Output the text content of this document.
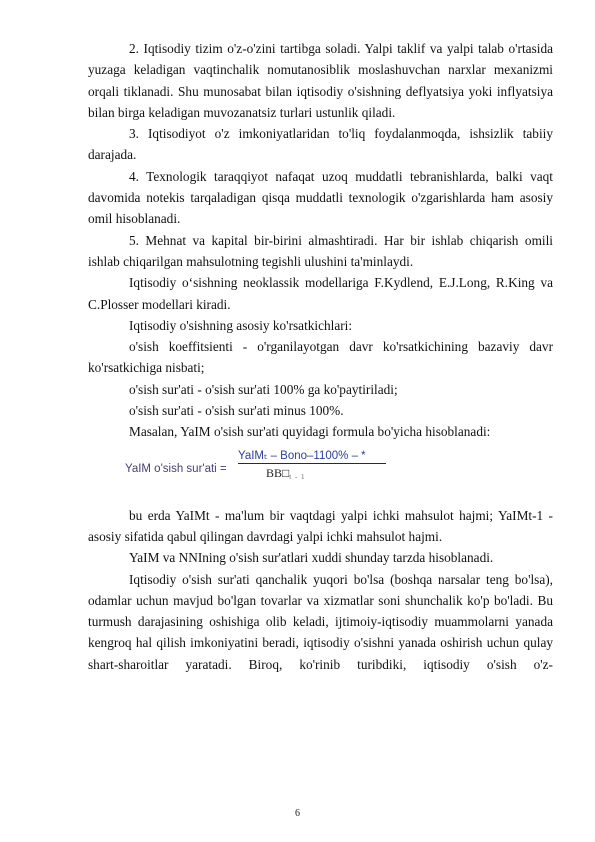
2. Iqtisodiy tizim o'z-o'zini tartibga soladi. Yalpi taklif va yalpi talab o'rtasida yuzaga keladigan vaqtinchalik nomutanosiblik moslashuvchan narxlar mexanizmi orqali tiklanadi. Shu munosabat bilan iqtisodiy o'sishning deflyatsiya yoki inflyatsiya bilan birga keladigan muvozanatsiz turlari ustunlik qiladi.

3. Iqtisodiyot o'z imkoniyatlaridan to'liq foydalanmoqda, ishsizlik tabiiy darajada.

4. Texnologik taraqqiyot nafaqat uzoq muddatli tebranishlarda, balki vaqt davomida notekis tarqaladigan qisqa muddatli texnologik o'zgarishlarda ham asosiy omil hisoblanadi.

5. Mehnat va kapital bir-birini almashtiradi. Har bir ishlab chiqarish omili ishlab chiqarilgan mahsulotning tegishli ulushini ta'minlaydi.

Iqtisodiy o‘sishning neoklassik modellariga F.Kydlend, E.J.Long, R.King va C.Plosser modellari kiradi.

Iqtisodiy o'sishning asosiy ko'rsatkichlari:

o'sish koeffitsienti - o'rganilayotgan davr ko'rsatkichining bazaviy davr ko'rsatkichiga nisbati;

o'sish sur'ati - o'sish sur'ati 100% ga ko'paytiriladi;

o'sish sur'ati - o'sish sur'ati minus 100%.

Masalan, YaIM o'sish sur'ati quyidagi formula bo'yicha hisoblanadi:

YaIM o'sish sur'ati =
YaIMₜ – Bono–1100% – *
$BB□_{t - 1}$

bu erda YaIMt - ma'lum bir vaqtdagi yalpi ichki mahsulot hajmi; YaIMt-1 - asosiy sifatida qabul qilingan davrdagi yalpi ichki mahsulot hajmi.

YaIM va NNIning o'sish sur'atlari xuddi shunday tarzda hisoblanadi.

Iqtisodiy o'sish sur'ati qanchalik yuqori bo'lsa (boshqa narsalar teng bo'lsa), odamlar uchun mavjud bo'lgan tovarlar va xizmatlar soni shunchalik ko'p bo'ladi. Bu turmush darajasining oshishiga olib keladi, ijtimoiy-iqtisodiy muammolarni yanada kengroq hal qilish imkoniyatini beradi, iqtisodiy o'sishni yanada oshirish uchun qulay shart-sharoitlar yaratadi. Biroq, ko'rinib turibdiki, iqtisodiy o'sish o'z-

6
